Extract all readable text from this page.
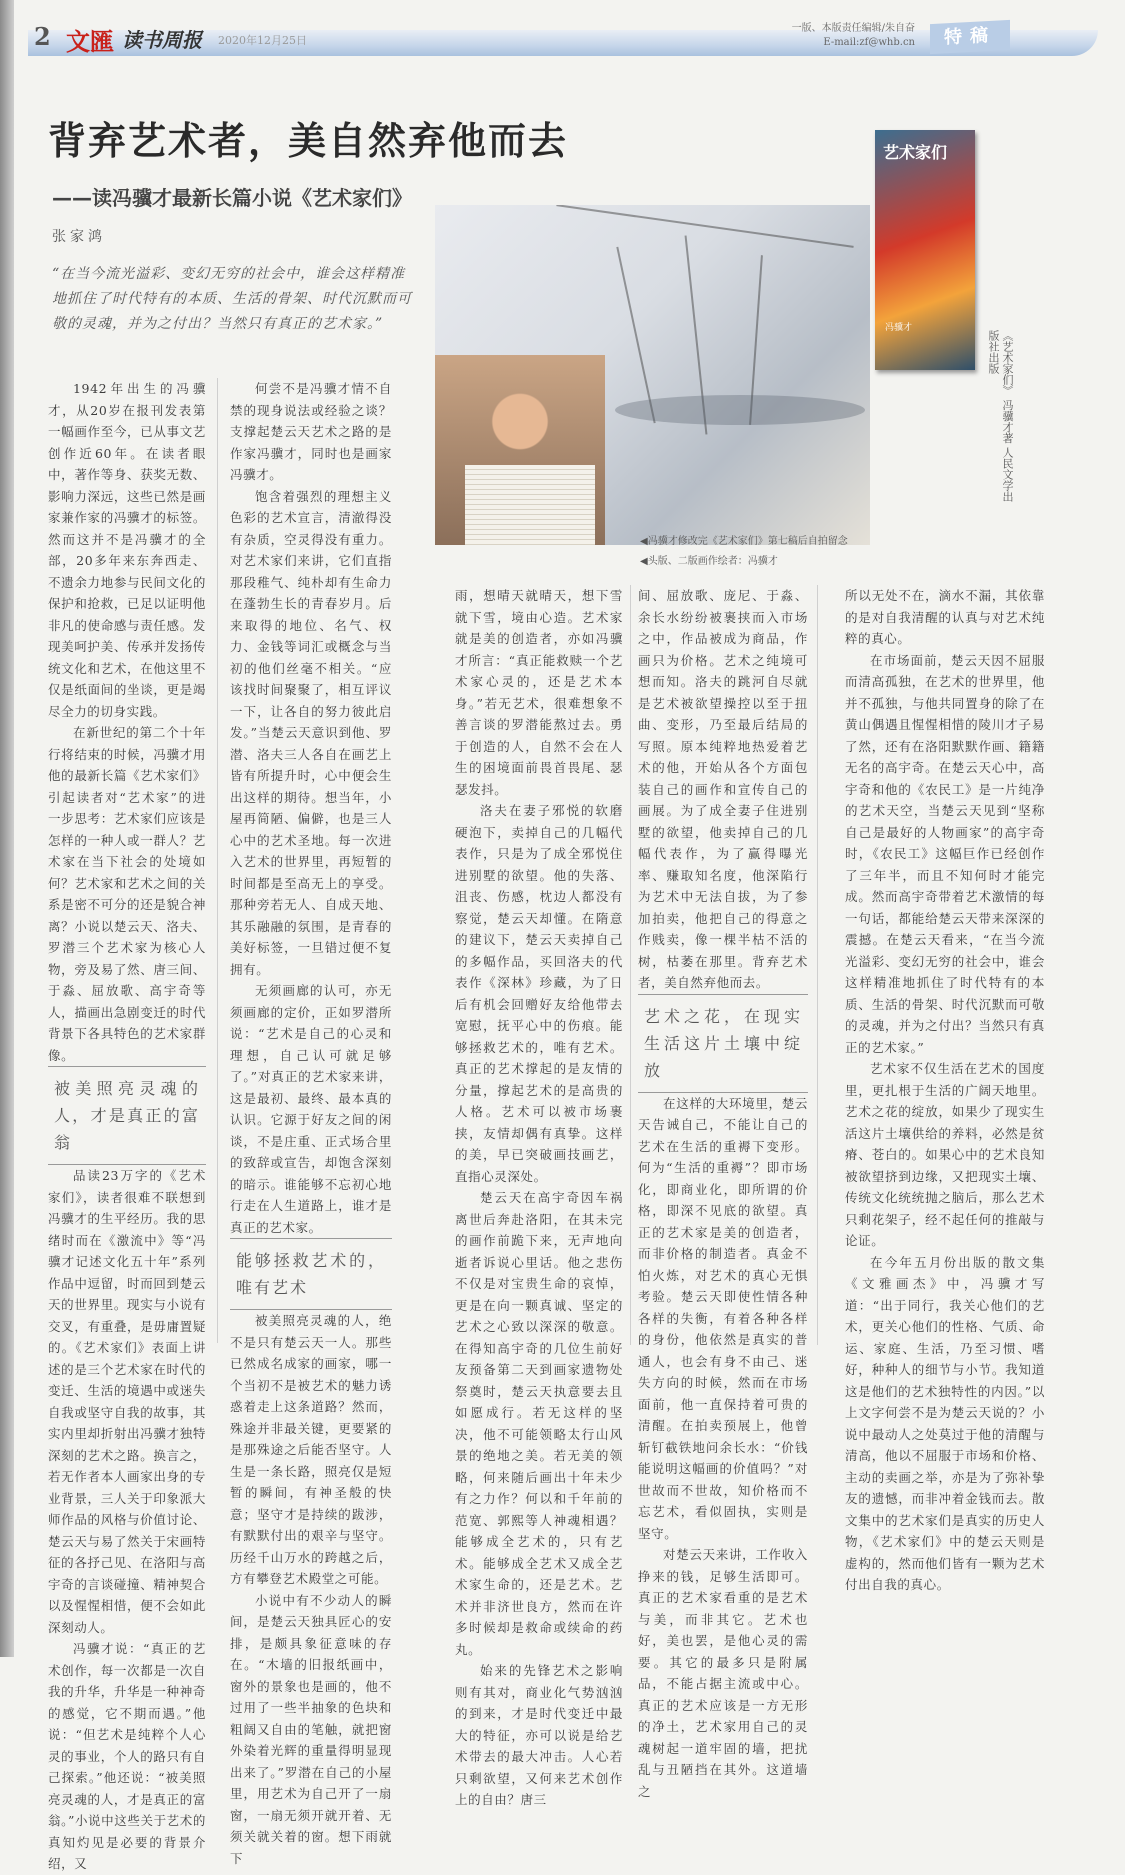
2 文匯 读书周报 2020年12月25日
一版、本版责任编辑/朱自奋
E-mail:zf@whb.cn	特稿
背弃艺术者，美自然弃他而去
——读冯骥才最新长篇小说《艺术家们》
张家鸿
“在当今流光溢彩、变幻无穷的社会中，谁会这样精准地抓住了时代特有的本质、生活的骨架、时代沉默而可敬的灵魂，并为之付出？当然只有真正的艺术家。”
艺术家们
冯骥才
《艺术家们》 冯骥才著 人民文学出版社出版
◀冯骥才修改完《艺术家们》第七稿后自拍留念
◀头版、二版画作绘者：冯骥才

1942年出生的冯骥才，从20岁在报刊发表第一幅画作至今，已从事文艺创作近60年。在读者眼中，著作等身、获奖无数、影响力深远，这些已然是画家兼作家的冯骥才的标签。然而这并不是冯骥才的全部，20多年来东奔西走、不遗余力地参与民间文化的保护和抢救，已足以证明他非凡的使命感与责任感。发现美呵护美、传承并发扬传统文化和艺术，在他这里不仅是纸面间的坐谈，更是竭尽全力的切身实践。

在新世纪的第二个十年行将结束的时候，冯骥才用他的最新长篇《艺术家们》引起读者对“艺术家”的进一步思考：艺术家们应该是怎样的一种人或一群人？艺术家在当下社会的处境如何？艺术家和艺术之间的关系是密不可分的还是貌合神离？小说以楚云天、洛夫、罗潜三个艺术家为核心人物，旁及易了然、唐三间、于淼、屈放歌、高宇奇等人，描画出急剧变迁的时代背景下各具特色的艺术家群像。

被美照亮灵魂的人，才是真正的富翁

品读23万字的《艺术家们》，读者很难不联想到冯骥才的生平经历。我的思绪时而在《激流中》等“冯骥才记述文化五十年”系列作品中逗留，时而回到楚云天的世界里。现实与小说有交叉，有重叠，是毋庸置疑的。《艺术家们》表面上讲述的是三个艺术家在时代的变迁、生活的境遇中或迷失自我或坚守自我的故事，其实内里却折射出冯骥才独特深刻的艺术之路。换言之，若无作者本人画家出身的专业背景，三人关于印象派大师作品的风格与价值讨论、楚云天与易了然关于宋画特征的各抒己见、在洛阳与高宇奇的言谈碰撞、精神契合以及惺惺相惜，便不会如此深刻动人。

冯骥才说：“真正的艺术创作，每一次都是一次自我的升华，升华是一种神奇的感觉，它不期而遇。”他说：“但艺术是纯粹个人心灵的事业，个人的路只有自己探索。”他还说：“被美照亮灵魂的人，才是真正的富翁。”小说中这些关于艺术的真知灼见是必要的背景介绍，又

何尝不是冯骥才情不自禁的现身说法或经验之谈？支撑起楚云天艺术之路的是作家冯骥才，同时也是画家冯骥才。

饱含着强烈的理想主义色彩的艺术宣言，清澈得没有杂质，空灵得没有重力。对艺术家们来讲，它们直指那段稚气、纯朴却有生命力在蓬勃生长的青春岁月。后来取得的地位、名气、权力、金钱等词汇或概念与当初的他们丝毫不相关。“应该找时间聚聚了，相互评议一下，让各自的努力彼此启发。”当楚云天意识到他、罗潜、洛夫三人各自在画艺上皆有所提升时，心中便会生出这样的期待。想当年，小屋再简陋、偏僻，也是三人心中的艺术圣地。每一次进入艺术的世界里，再短暂的时间都是至高无上的享受。那种旁若无人、自成天地、其乐融融的氛围，是青春的美好标签，一旦错过便不复拥有。

无须画廊的认可，亦无须画廊的定价，正如罗潜所说：“艺术是自己的心灵和理想，自己认可就足够了。”对真正的艺术家来讲，这是最初、最终、最本真的认识。它源于好友之间的闲谈，不是庄重、正式场合里的致辞或宣告，却饱含深刻的暗示。谁能够不忘初心地行走在人生道路上，谁才是真正的艺术家。

能够拯救艺术的，唯有艺术

被美照亮灵魂的人，绝不是只有楚云天一人。那些已然成名成家的画家，哪一个当初不是被艺术的魅力诱惑着走上这条道路？然而，殊途并非最关键，更要紧的是那殊途之后能否坚守。人生是一条长路，照亮仅是短暂的瞬间，有神圣般的快意；坚守才是持续的跋涉，有默默付出的艰辛与坚守。历经千山万水的跨越之后，方有攀登艺术殿堂之可能。

小说中有不少动人的瞬间，是楚云天独具匠心的安排，是颇具象征意味的存在。“木墙的旧报纸画中，窗外的景象也是画的，他不过用了一些半抽象的色块和粗阔又自由的笔触，就把窗外染着光辉的重量得明显现出来了。”罗潜在自己的小屋里，用艺术为自己开了一扇窗，一扇无须开就开着、无须关就关着的窗。想下雨就下

雨，想晴天就晴天，想下雪就下雪，境由心造。艺术家就是美的创造者，亦如冯骥才所言：“真正能救赎一个艺术家心灵的，还是艺术本身。”若无艺术，很难想象不善言谈的罗潜能熬过去。勇于创造的人，自然不会在人生的困境面前畏首畏尾、瑟瑟发抖。

洛夫在妻子邪悦的软磨硬泡下，卖掉自己的几幅代表作，只是为了成全邪悦住进别墅的欲望。他的失落、沮丧、伤感，枕边人都没有察觉，楚云天却懂。在隋意的建议下，楚云天卖掉自己的多幅作品，买回洛夫的代表作《深林》珍藏，为了日后有机会回赠好友给他带去宽慰，抚平心中的伤痕。能够拯救艺术的，唯有艺术。真正的艺术撑起的是友情的分量，撑起艺术的是高贵的人格。艺术可以被市场裹挟，友情却偶有真挚。这样的美，早已突破画技画艺，直指心灵深处。

楚云天在高宇奇因车祸离世后奔赴洛阳，在其未完的画作前跪下来，无声地向逝者诉说心里话。他之悲伤不仅是对宝贵生命的哀悼，更是在向一颗真诚、坚定的艺术之心致以深深的敬意。在得知高宇奇的几位生前好友预备第二天到画家遗物处祭奠时，楚云天执意要去且如愿成行。若无这样的坚决，他不可能领略太行山风景的绝地之美。若无美的领略，何来随后画出十年未少有之力作？何以和千年前的范宽、郭熙等人神魂相遇？能够成全艺术的，只有艺术。能够成全艺术又成全艺术家生命的，还是艺术。艺术并非济世良方，然而在许多时候却是救命或续命的药丸。

始来的先锋艺术之影响则有其对，商业化气势汹汹的到来，才是时代变迁中最大的特征，亦可以说是给艺术带去的最大冲击。人心若只剩欲望，又何来艺术创作上的自由？唐三

间、屈放歌、庞尼、于淼、余长水纷纷被裹挟而入市场之中，作品被成为商品，作画只为价格。艺术之纯境可想而知。洛夫的跳河自尽就是艺术被欲望操控以至于扭曲、变形，乃至最后结局的写照。原本纯粹地热爱着艺术的他，开始从各个方面包装自己的画作和宣传自己的画展。为了成全妻子住进别墅的欲望，他卖掉自己的几幅代表作，为了赢得曝光率、赚取知名度，他深陷行为艺术中无法自拔，为了参加拍卖，他把自己的得意之作贱卖，像一棵半枯不活的树，枯萎在那里。背弃艺术者，美自然弃他而去。

艺术之花，在现实生活这片土壤中绽放

在这样的大环境里，楚云天告诫自己，不能让自己的艺术在生活的重褥下变形。何为“生活的重褥”？即市场化，即商业化，即所谓的价格，即深不见底的欲望。真正的艺术家是美的创造者，而非价格的制造者。真金不怕火炼，对艺术的真心无惧考验。楚云天即使性情各种各样的失衡，有着各种各样的身份，他依然是真实的普通人，也会有身不由己、迷失方向的时候，然而在市场面前，他一直保持着可贵的清醒。在拍卖预展上，他曾斩钉截铁地问余长水：“价钱能说明这幅画的价值吗？”对世故而不世故，知价格而不忘艺术，看似固执，实则是坚守。

对楚云天来讲，工作收入挣来的钱，足够生活即可。真正的艺术家看重的是艺术与美，而非其它。艺术也好，美也罢，是他心灵的需要。其它的最多只是附属品，不能占据主流或中心。真正的艺术应该是一方无形的净土，艺术家用自己的灵魂树起一道牢固的墙，把扰乱与丑陋挡在其外。这道墙之

所以无处不在，滴水不漏，其依靠的是对自我清醒的认真与对艺术纯粹的真心。

在市场面前，楚云天因不屈服而清高孤独，在艺术的世界里，他并不孤独，与他共同置身的除了在黄山偶遇且惺惺相惜的陵川才子易了然，还有在洛阳默默作画、籍籍无名的高宇奇。在楚云天心中，高宇奇和他的《农民工》是一片纯净的艺术天空，当楚云天见到“坚称自己是最好的人物画家”的高宇奇时，《农民工》这幅巨作已经创作了三年半，而且不知何时才能完成。然而高宇奇带着艺术激情的每一句话，都能给楚云天带来深深的震撼。在楚云天看来，“在当今流光溢彩、变幻无穷的社会中，谁会这样精准地抓住了时代特有的本质、生活的骨架、时代沉默而可敬的灵魂，并为之付出？当然只有真正的艺术家。”

艺术家不仅生活在艺术的国度里，更扎根于生活的广阔天地里。艺术之花的绽放，如果少了现实生活这片土壤供给的养料，必然是贫瘠、苍白的。如果心中的艺术良知被欲望挤到边缘，又把现实土壤、传统文化统统抛之脑后，那么艺术只剩花架子，经不起任何的推敲与论证。

在今年五月份出版的散文集《文雅画杰》中，冯骥才写道：“出于同行，我关心他们的艺术，更关心他们的性格、气质、命运、家庭、生活，乃至习惯、嗜好，种种人的细节与小节。我知道这是他们的艺术独特性的内因。”以上文字何尝不是为楚云天说的？小说中最动人之处莫过于他的清醒与清高，他以不屈服于市场和价格、主动的卖画之举，亦是为了弥补挚友的遗憾，而非冲着金钱而去。散文集中的艺术家们是真实的历史人物，《艺术家们》中的楚云天则是虚构的，然而他们皆有一颗为艺术付出自我的真心。
